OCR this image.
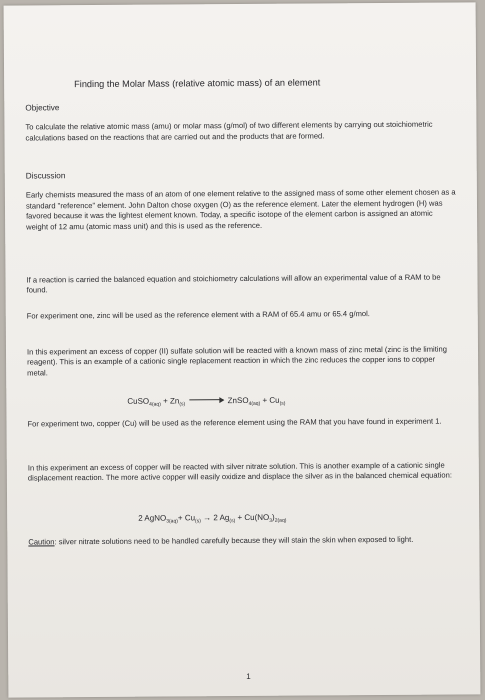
Finding the Molar Mass (relative atomic mass) of an element

Objective

To calculate the relative atomic mass (amu) or molar mass (g/mol) of two different elements by carrying out stoichiometric calculations based on the reactions that are carried out and the products that are formed.

Discussion

Early chemists measured the mass of an atom of one element relative to the assigned mass of some other element chosen as a standard "reference" element. John Dalton chose oxygen (O) as the reference element. Later the element hydrogen (H) was favored because it was the lightest element known. Today, a specific isotope of the element carbon is assigned an atomic weight of 12 amu (atomic mass unit) and this is used as the reference.

If a reaction is carried the balanced equation and stoichiometry calculations will allow an experimental value of a RAM to be found.
For experiment one, zinc will be used as the reference element with a RAM of 65.4 amu or 65.4 g/mol.
In this experiment an excess of copper (II) sulfate solution will be reacted with a known mass of zinc metal (zinc is the limiting reagent). This is an example of a cationic single replacement reaction in which the zinc reduces the copper ions to copper metal.
CuSO$_{4(aq)}$ + $Zn_{(s)}$	ZnSO$_{4(aq)}$ + $Cu_{(s)}$
For experiment two, copper (Cu) will be used as the reference element using the RAM that you have found in experiment 1.
In this experiment an excess of copper will be reacted with silver nitrate solution. This is another example of a cationic single displacement reaction. The more active copper will easily oxidize and displace the silver as in the balanced chemical equation:
2 AgNO$_{3(aq)}$+ $Cu_{(s)} \to 2$ $Ag_{(s)} + Cu(NO_3)_{2(aq)}$
Caution: silver nitrate solutions need to be handled carefully because they will stain the skin when exposed to light.
1
